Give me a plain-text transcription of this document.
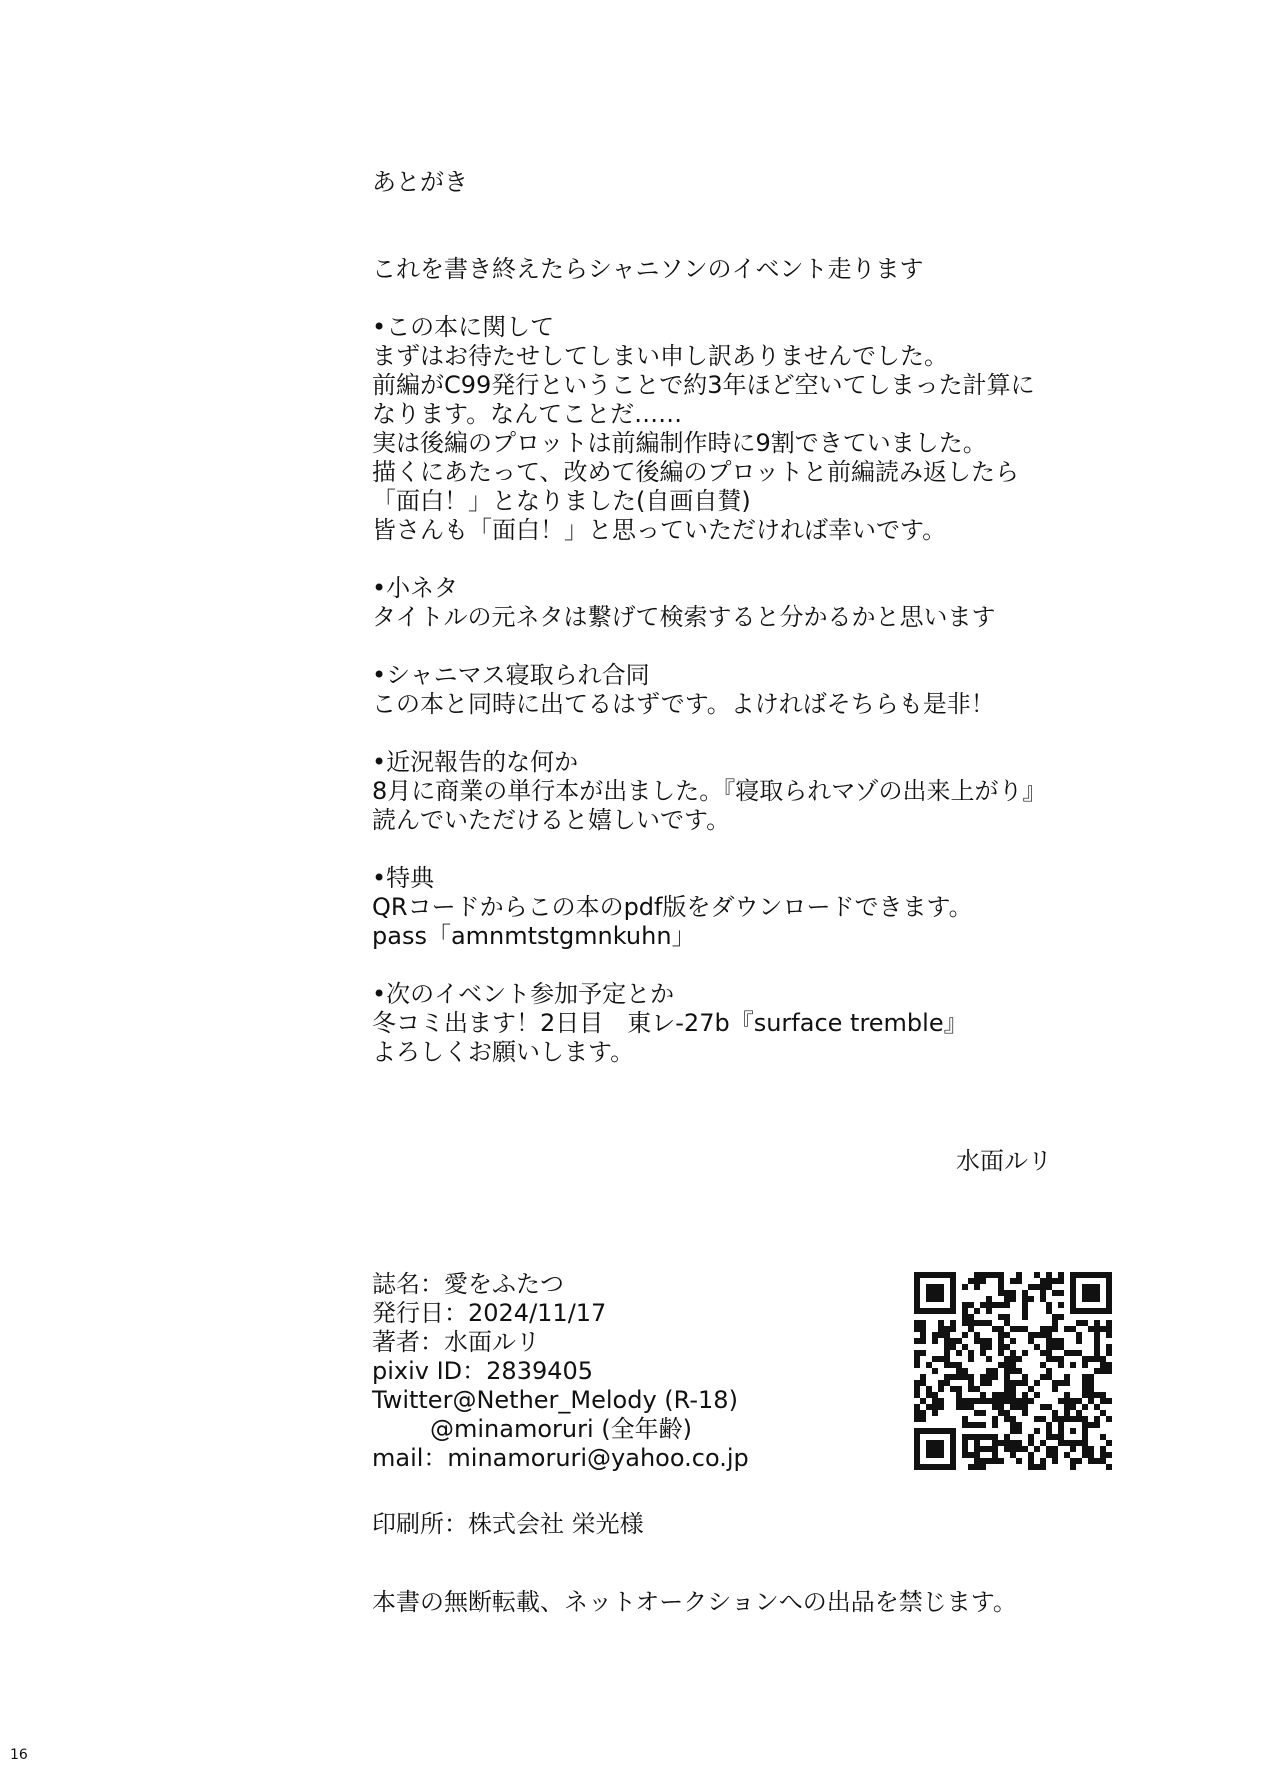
あとがき
これを書き終えたらシャニソンのイベント走ります
•この本に関して
まずはお待たせしてしまい申し訳ありませんでした。
前編がC99発行ということで約3年ほど空いてしまった計算に
なります。なんてことだ……
実は後編のプロットは前編制作時に9割できていました。
描くにあたって、改めて後編のプロットと前編読み返したら
「面白！」となりました(自画自賛)
皆さんも「面白！」と思っていただければ幸いです。
•小ネタ
タイトルの元ネタは繋げて検索すると分かるかと思います
•シャニマス寝取られ合同
この本と同時に出てるはずです。よければそちらも是非！
•近況報告的な何か
8月に商業の単行本が出ました。『寝取られマゾの出来上がり』
読んでいただけると嬉しいです。
•特典
QRコードからこの本のpdf版をダウンロードできます。
pass「amnmtstgmnkuhn」
•次のイベント参加予定とか
冬コミ出ます！2日目　東レ-27b『surface tremble』
よろしくお願いします。
水面ルリ
誌名：愛をふたつ
発行日：2024/11/17
著者：水面ルリ
pixiv ID：2839405
Twitter@Nether_Melody (R-18)
@minamoruri (全年齢)
mail：minamoruri@yahoo.co.jp
印刷所：株式会社 栄光様
本書の無断転載、ネットオークションへの出品を禁じます。
16
